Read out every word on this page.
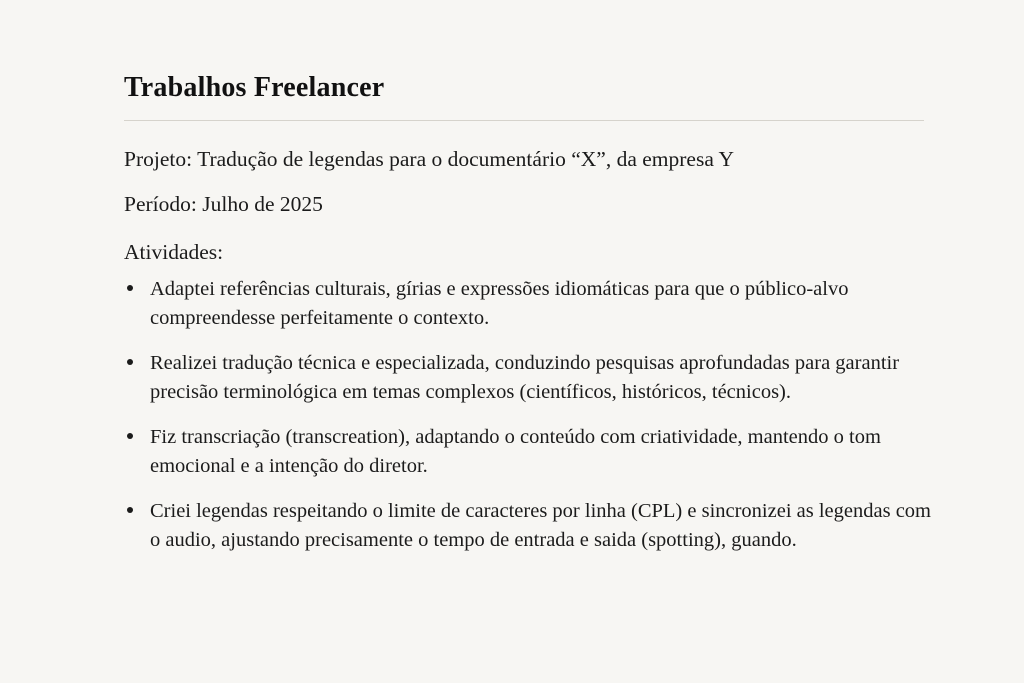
Trabalhos Freelancer

Projeto: Tradução de legendas para o documentário “X”, da empresa Y

Período: Julho de 2025

Atividades:

Adaptei referências culturais, gírias e expressões idiomáticas para que o público-alvo compreendesse perfeitamente o contexto.
Realizei tradução técnica e especializada, conduzindo pesquisas aprofundadas para garantir precisão terminológica em temas complexos (científicos, históricos, técnicos).
Fiz transcriação (transcreation), adaptando o conteúdo com criatividade, mantendo o tom emocional e a intenção do diretor.
Criei legendas respeitando o limite de caracteres por linha (CPL) e sincronizei as legendas com o audio, ajustando precisamente o tempo de entrada e saida (spotting), guando.
